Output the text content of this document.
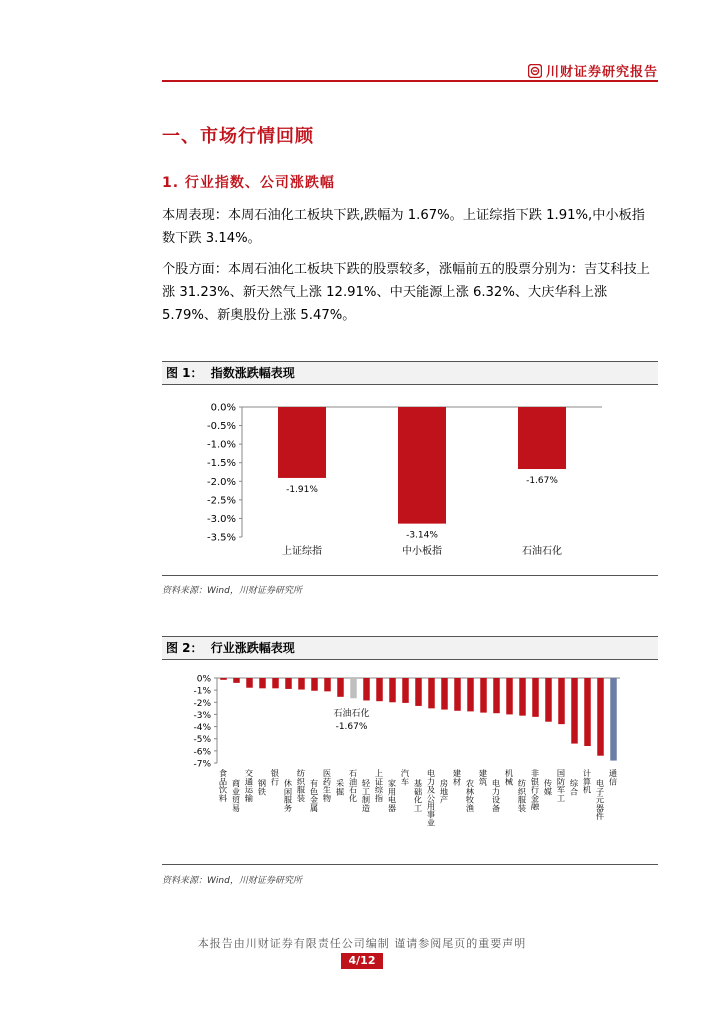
川财证券研究报告
一、市场行情回顾
1. 行业指数、公司涨跌幅
本周表现：本周石油化工板块下跌,跌幅为 1.67%。上证综指下跌 1.91%,中小板指数下跌 3.14%。
个股方面：本周石油化工板块下跌的股票较多，涨幅前五的股票分别为：吉艾科技上涨 31.23%、新天然气上涨 12.91%、中天能源上涨 6.32%、大庆华科上涨 5.79%、新奥股份上涨 5.47%。
图 1： 指数涨跌幅表现
0.0%
-0.5%
-1.0%
-1.5%
-2.0%
-2.5%
-3.0%
-3.5%
-1.91%
上证综指
-3.14%
中小板指
-1.67%
石油石化
资料来源：Wind，川财证券研究所
图 2： 行业涨跌幅表现
0%
-1%
-2%
-3%
-4%
-5%
-6%
-7%
食品饮料 商业贸易 交通运输 钢铁
银行
休闲服务 纺织服装 有色金属 医药生物 采掘 石油石化 轻工制造 上证综指 家用电器
汽车
基础化工 电力及公用事业 房地产
建材
农林牧渔
建筑
电力设备
机械
纺织服装 非银行金融 传媒 国防军工 综合 计算机 电子元器件
通信
石油石化
-1.67%
资料来源：Wind，川财证券研究所
本报告由川财证券有限责任公司编制 谨请参阅尾页的重要声明
4/12
